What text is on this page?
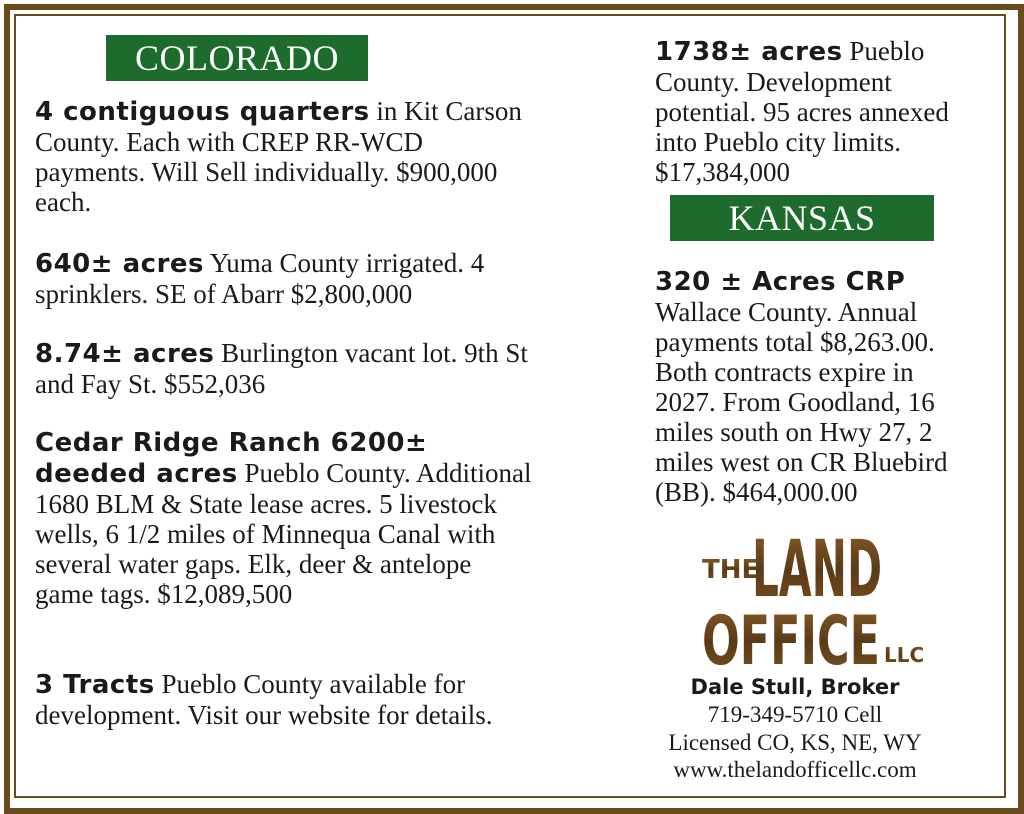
COLORADO
4 contiguous quarters in Kit Carson County. Each with CREP RR-WCD payments. Will Sell individually. $900,000 each.
640± acres Yuma County irrigated. 4 sprinklers. SE of Abarr $2,800,000
8.74± acres Burlington vacant lot. 9th St and Fay St. $552,036
Cedar Ridge Ranch 6200± deeded acres Pueblo County. Additional 1680 BLM & State lease acres. 5 livestock wells, 6 1/2 miles of Minnequa Canal with several water gaps. Elk, deer & antelope game tags. $12,089,500
3 Tracts Pueblo County available for development. Visit our website for details.
1738± acres Pueblo County. Development potential. 95 acres annexed into Pueblo city limits. $17,384,000
KANSAS
320 ± Acres CRP Wallace County. Annual payments total $8,263.00. Both contracts expire in 2027. From Goodland, 16 miles south on Hwy 27, 2 miles west on CR Bluebird (BB). $464,000.00
THE
LAND
OFFICE LLC
Dale Stull, Broker
719-349-5710 Cell
Licensed CO, KS, NE, WY
www.thelandofficellc.com
